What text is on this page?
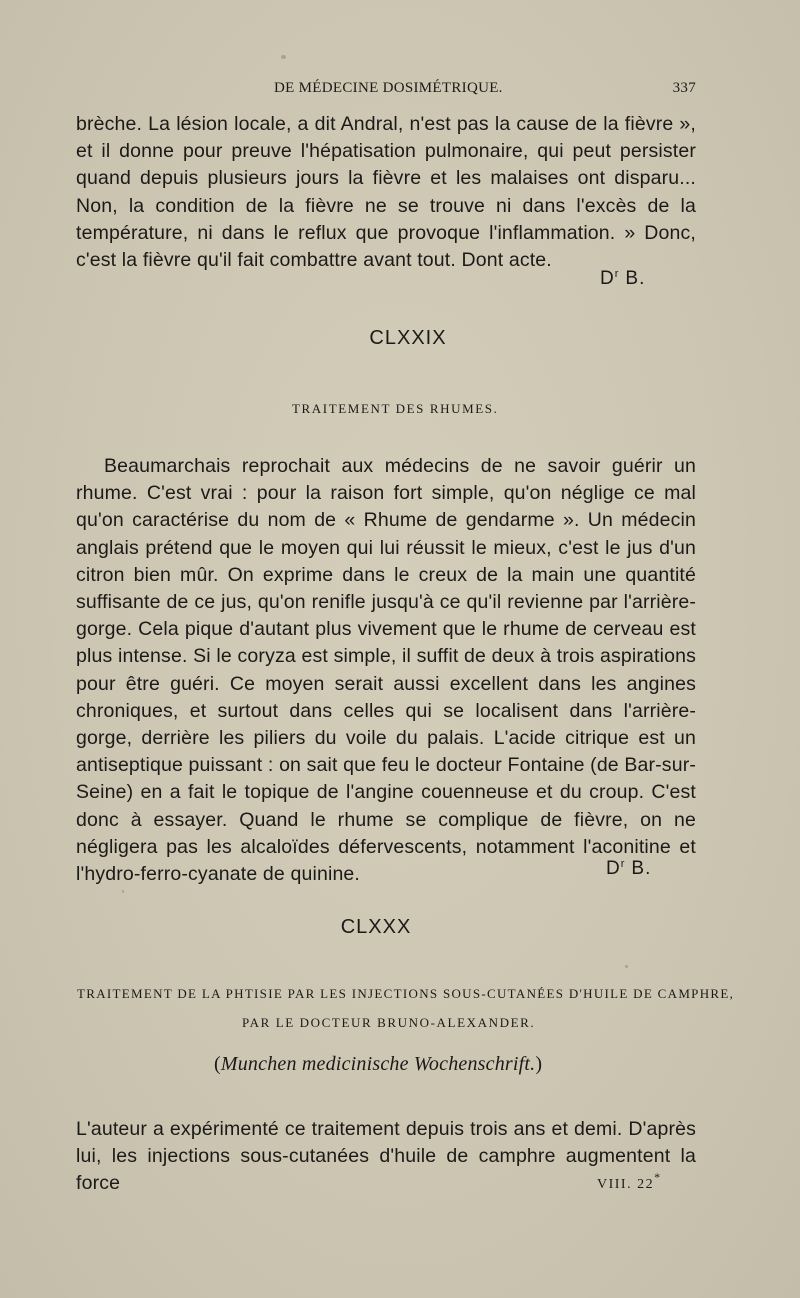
DE MÉDECINE DOSIMÉTRIQUE.	337

brèche. La lésion locale, a dit Andral, n'est pas la cause de la fièvre », et il donne pour preuve l'hépatisation pulmonaire, qui peut persister quand depuis plusieurs jours la fièvre et les malaises ont disparu... Non, la condition de la fièvre ne se trouve ni dans l'excès de la température, ni dans le reflux que provoque l'inflammation. » Donc, c'est la fièvre qu'il fait combattre avant tout. Dont acte.

$D^r$ B.
CLXXIX
TRAITEMENT DES RHUMES.

Beaumarchais reprochait aux médecins de ne savoir guérir un rhume. C'est vrai : pour la raison fort simple, qu'on néglige ce mal qu'on caractérise du nom de « Rhume de gendarme ». Un médecin anglais prétend que le moyen qui lui réussit le mieux, c'est le jus d'un citron bien mûr. On exprime dans le creux de la main une quantité suffisante de ce jus, qu'on renifle jusqu'à ce qu'il revienne par l'arrière-gorge. Cela pique d'autant plus vivement que le rhume de cerveau est plus intense. Si le coryza est simple, il suffit de deux à trois aspirations pour être guéri. Ce moyen serait aussi excellent dans les angines chroniques, et surtout dans celles qui se localisent dans l'arrière-gorge, derrière les piliers du voile du palais. L'acide citrique est un antiseptique puissant : on sait que feu le docteur Fontaine (de Bar-sur-Seine) en a fait le topique de l'angine couenneuse et du croup. C'est donc à essayer. Quand le rhume se complique de fièvre, on ne négligera pas les alcaloïdes défervescents, notamment l'aconitine et l'hydro-ferro-cyanate de quinine.	$D^r$ B.
CLXXX
TRAITEMENT DE LA PHTISIE PAR LES INJECTIONS SOUS-CUTANÉES D'HUILE DE CAMPHRE,
PAR LE DOCTEUR BRUNO-ALEXANDER.
(Munchen medicinische Wochenschrift.)

L'auteur a expérimenté ce traitement depuis trois ans et demi. D'après lui, les injections sous-cutanées d'huile de camphre augmentent la force	VIII. 22*
